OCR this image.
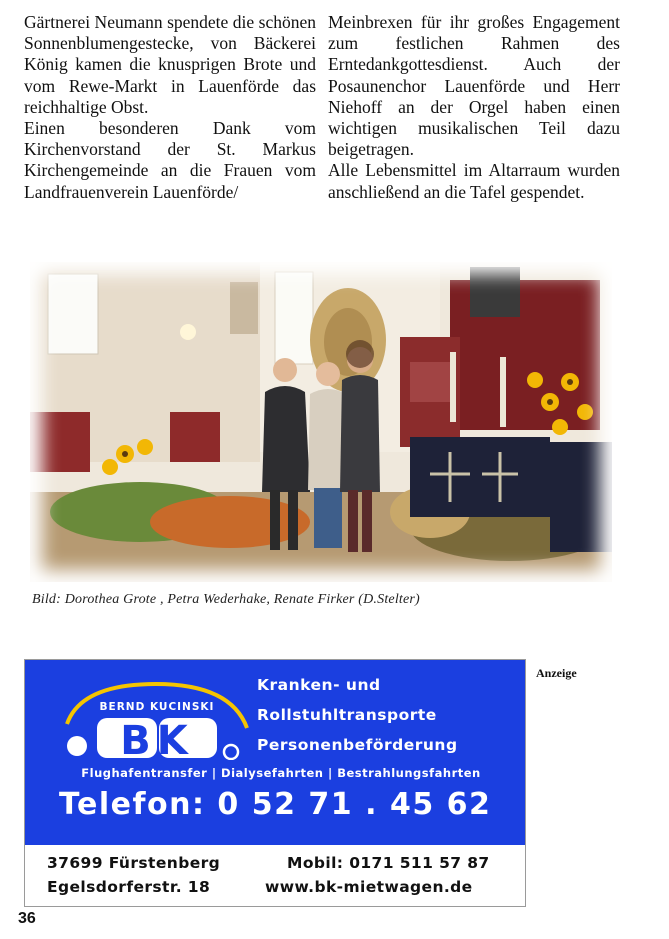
Gärtnerei Neumann spendete die schönen Sonnenblumengestecke, von Bäckerei König kamen die knusprigen Brote und vom Rewe-Markt in Lauenförde das reichhaltige Obst.

Einen besonderen Dank vom Kirchenvorstand der St. Markus Kirchengemeinde an die Frauen vom Landfrauenverein Lauenförde/

Meinbrexen für ihr großes Engagement zum festlichen Rahmen des Erntedankgottesdienst. Auch der Posaunenchor Lauenförde und Herr Niehoff an der Orgel haben einen wichtigen musikalischen Teil dazu beigetragen.

Alle Lebensmittel im Altarraum wurden anschließend an die Tafel gespendet.

Bild: Dorothea Grote , Petra Wederhake, Renate Firker (D.Stelter)
Anzeige
BERND KUCINSKI
BK
Kranken- und
Rollstuhltransporte
Personenbeförderung
Flughafentransfer | Dialysefahrten | Bestrahlungsfahrten
Telefon: 0 52 71 . 45 62
37699 Fürstenberg
Egelsdorferstr. 18
Mobil: 0171 511 57 87
www.bk-mietwagen.de
36
